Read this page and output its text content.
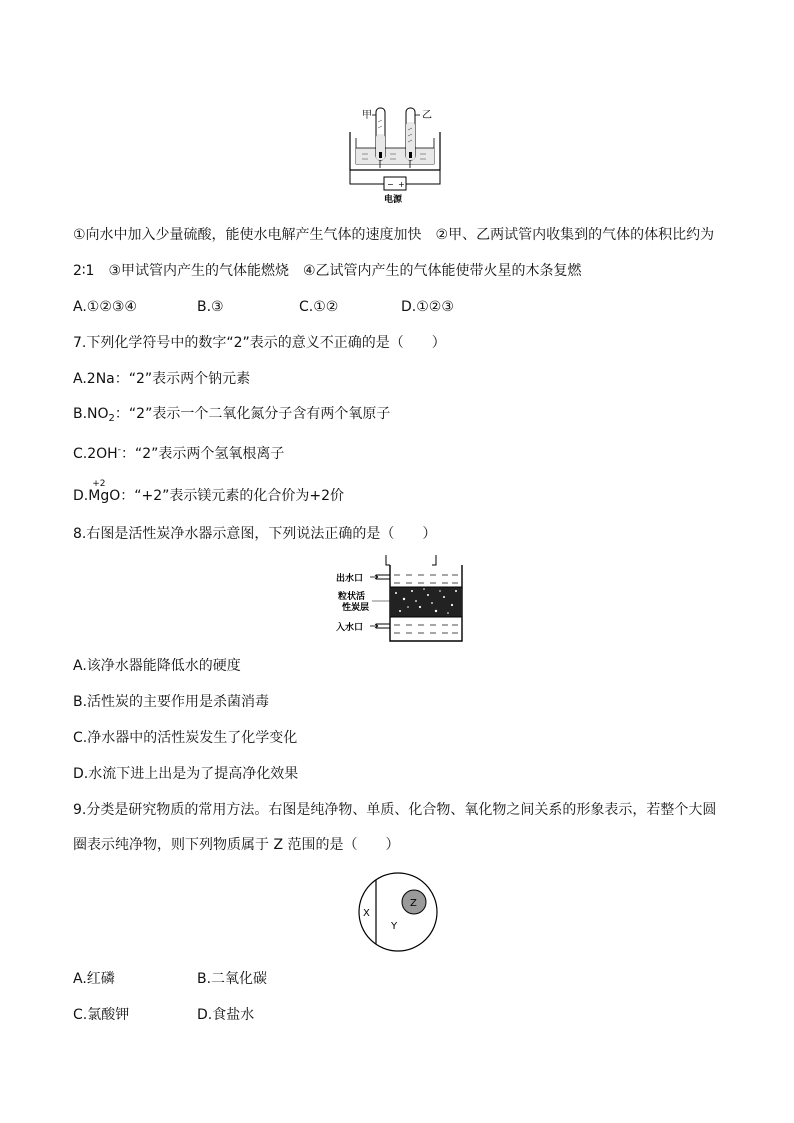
甲	乙
− +
电源
①向水中加入少量硫酸，能使水电解产生气体的速度加快　②甲、乙两试管内收集到的气体的体积比约为
2∶1　③甲试管内产生的气体能燃烧　④乙试管内产生的气体能使带火星的木条复燃
A.①②③④	B.③	C.①②	D.①②③
7.下列化学符号中的数字“2”表示的意义不正确的是（　　）
A.2Na：“2”表示两个钠元素
$B.NO_2$：“2”表示一个二氧化氮分子含有两个氧原子
C.2OH-：“2”表示两个氢氧根离子
D.
+2
MgO：“+2”表示镁元素的化合价为+2价
8.右图是活性炭净水器示意图，下列说法正确的是（　　）
出水口
粒状活
性炭层
入水口
A.该净水器能降低水的硬度
B.活性炭的主要作用是杀菌消毒
C.净水器中的活性炭发生了化学变化
D.水流下进上出是为了提高净化效果
9.分类是研究物质的常用方法。右图是纯净物、单质、化合物、氧化物之间关系的形象表示，若整个大圆
圈表示纯净物，则下列物质属于 Z 范围的是（　　）
X
Y
Z
A.红磷	B.二氧化碳
C.氯酸钾	D.食盐水
